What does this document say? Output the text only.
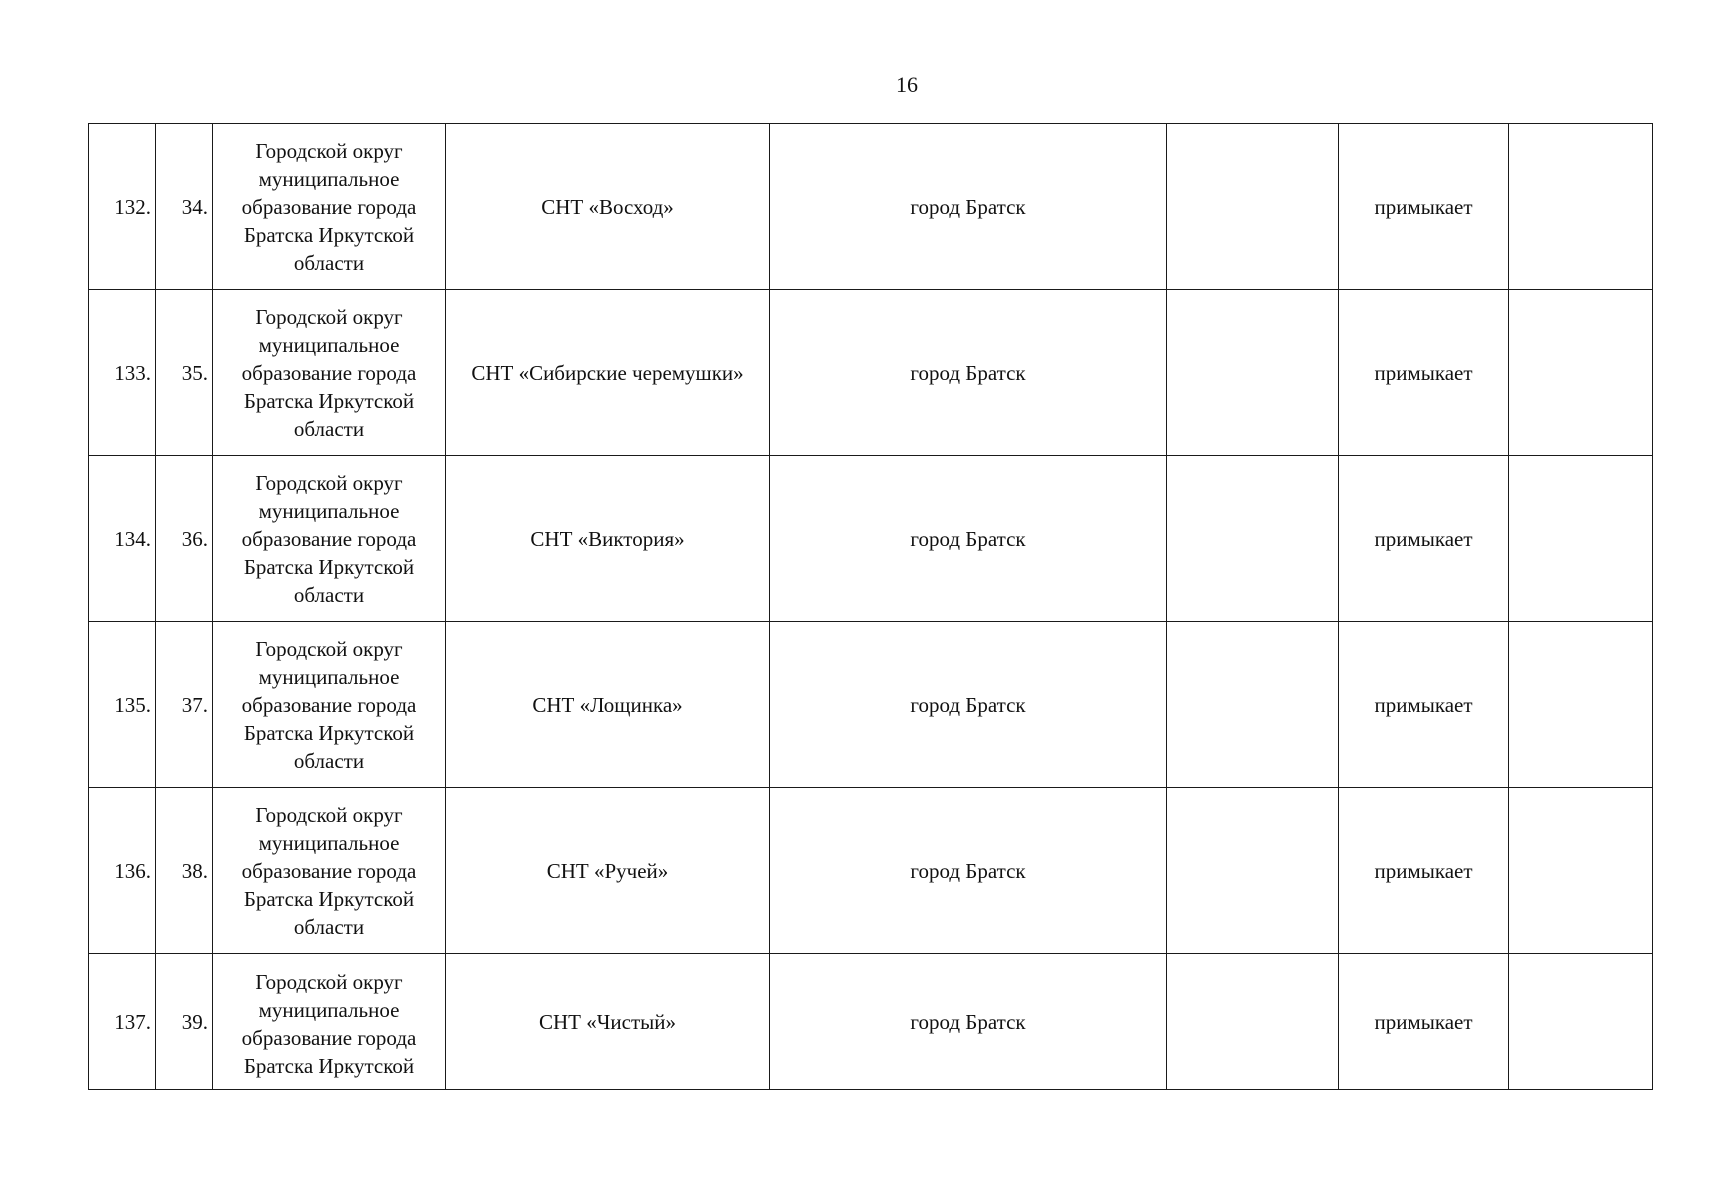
16
132.	34.	Городской округ
муниципальное
образование города
Братска Иркутской
области	СНТ «Восход»	город Братск		примыкает	
133.	35.	Городской округ
муниципальное
образование города
Братска Иркутской
области	СНТ «Сибирские черемушки»	город Братск		примыкает	
134.	36.	Городской округ
муниципальное
образование города
Братска Иркутской
области	СНТ «Виктория»	город Братск		примыкает	
135.	37.	Городской округ
муниципальное
образование города
Братска Иркутской
области	СНТ «Лощинка»	город Братск		примыкает	
136.	38.	Городской округ
муниципальное
образование города
Братска Иркутской
области	СНТ «Ручей»	город Братск		примыкает	
137.	39.	Городской округ
муниципальное
образование города
Братска Иркутской	СНТ «Чистый»	город Братск		примыкает	
